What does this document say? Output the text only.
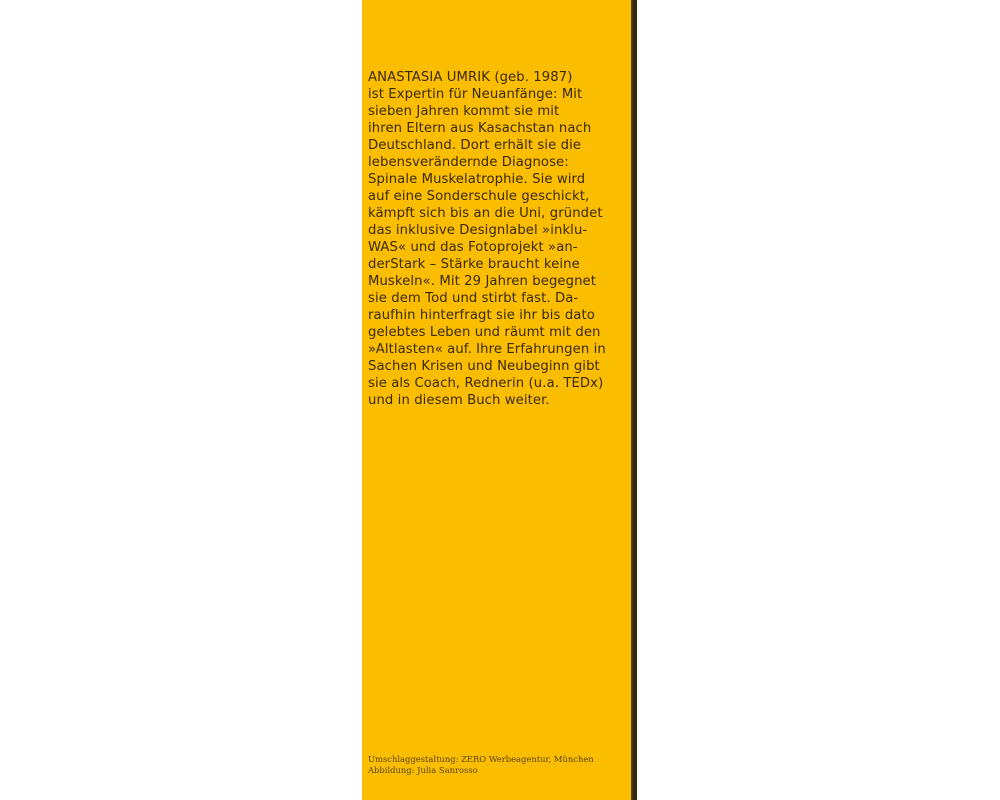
ANASTASIA UMRIK (geb. 1987)
ist Expertin für Neuanfänge: Mit
sieben Jahren kommt sie mit
ihren Eltern aus Kasachstan nach
Deutschland. Dort erhält sie die
lebensverändernde Diagnose:
Spinale Muskelatrophie. Sie wird
auf eine Sonderschule geschickt,
kämpft sich bis an die Uni, gründet
das inklusive Designlabel »inklu-
WAS« und das Fotoprojekt »an-
derStark – Stärke braucht keine
Muskeln«. Mit 29 Jahren begegnet
sie dem Tod und stirbt fast. Da-
raufhin hinterfragt sie ihr bis dato
gelebtes Leben und räumt mit den
»Altlasten« auf. Ihre Erfahrungen in
Sachen Krisen und Neubeginn gibt
sie als Coach, Rednerin (u.a. TEDx)
und in diesem Buch weiter.
Umschlaggestaltung: ZERO Werbeagentur, München
Abbildung: Julia Sanrosso
